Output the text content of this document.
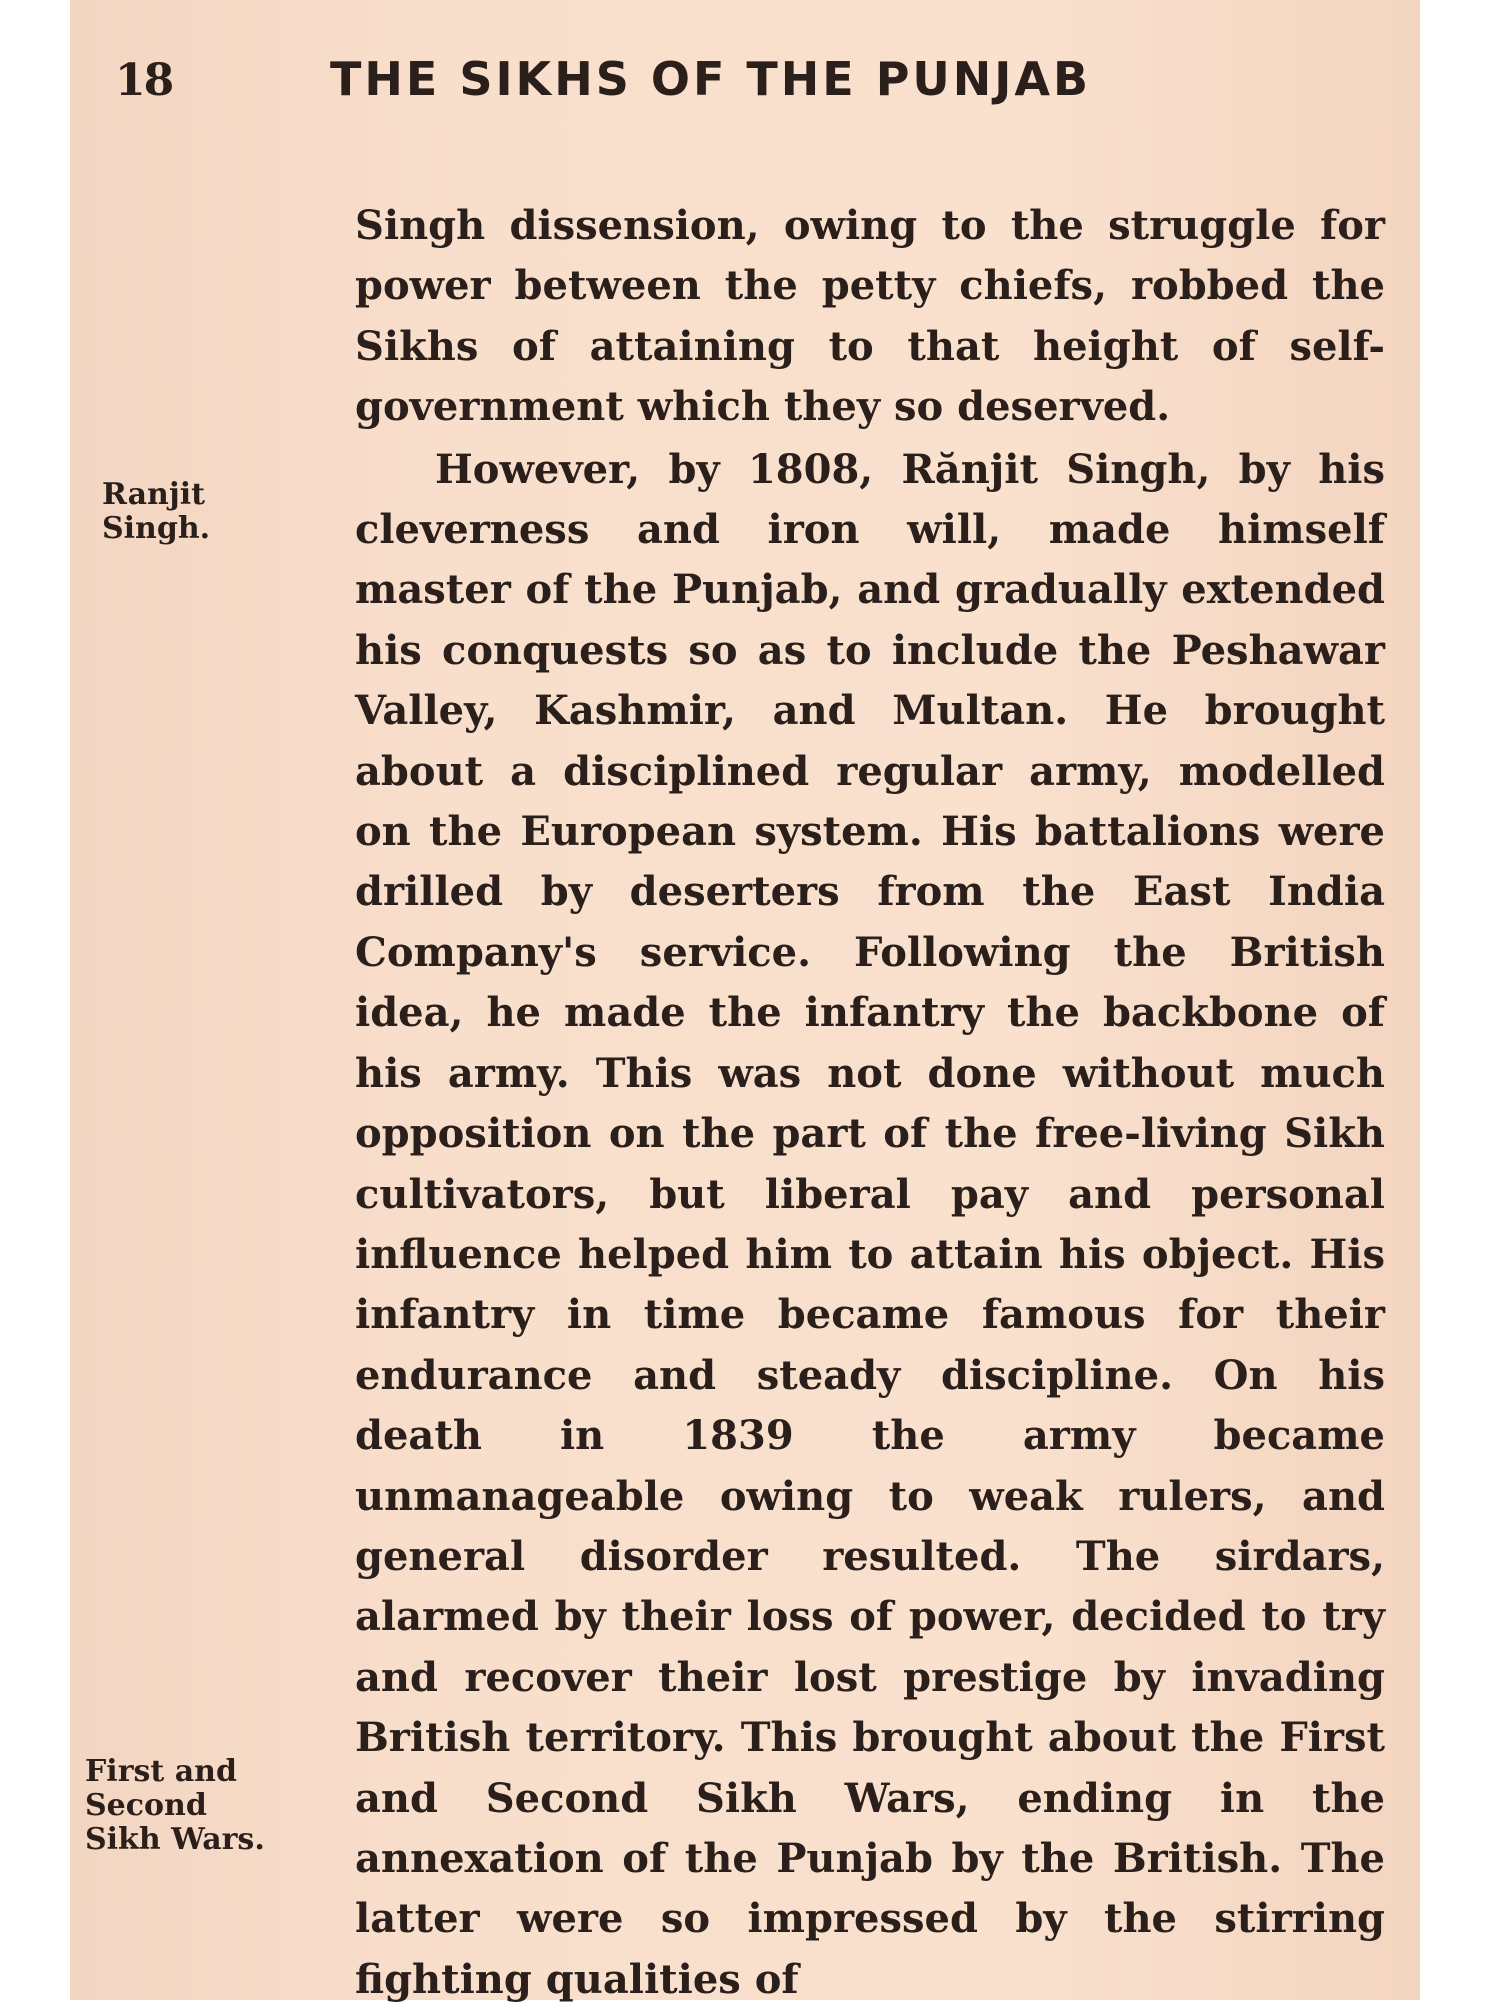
18	THE SIKHS OF THE PUNJAB
Ranjit
Singh.
First and
Second
Sikh Wars.

Singh dissension, owing to the struggle for power between the petty chiefs, robbed the Sikhs of attaining to that height of self-government which they so deserved.

However, by 1808, Rănjit Singh, by his cleverness and iron will, made himself master of the Punjab, and gradually extended his conquests so as to include the Peshawar Valley, Kashmir, and Multan. He brought about a disciplined regular army, modelled on the European system. His battalions were drilled by deserters from the East India Company's service. Following the British idea, he made the infantry the backbone of his army. This was not done without much opposition on the part of the free-living Sikh cultivators, but liberal pay and personal influence helped him to attain his object. His infantry in time became famous for their endurance and steady discipline. On his death in 1839 the army became unmanageable owing to weak rulers, and general disorder resulted. The sirdars, alarmed by their loss of power, decided to try and recover their lost prestige by invading British territory. This brought about the First and Second Sikh Wars, ending in the annexation of the Punjab by the British. The latter were so impressed by the stirring fighting qualities of
